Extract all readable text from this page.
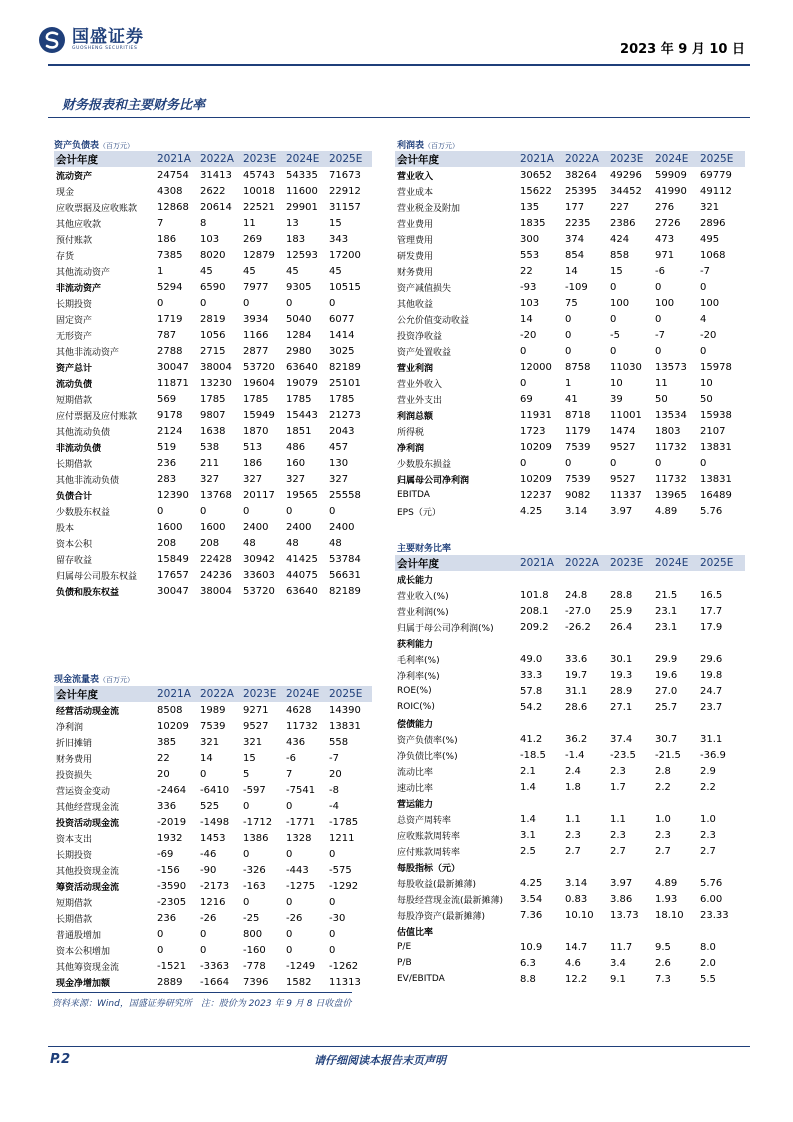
国盛证券
GUOSHENG SECURITIES	2023 年 9 月 10 日
财务报表和主要财务比率
资产负债表（百万元）
会计年度	2021A	2022A	2023E	2024E	2025E
流动资产	24754	31413	45743	54335	71673
现金	4308	2622	10018	11600	22912
应收票据及应收账款	12868	20614	22521	29901	31157
其他应收款	7	8	11	13	15
预付账款	186	103	269	183	343
存货	7385	8020	12879	12593	17200
其他流动资产	1	45	45	45	45
非流动资产	5294	6590	7977	9305	10515
长期投资	0	0	0	0	0
固定资产	1719	2819	3934	5040	6077
无形资产	787	1056	1166	1284	1414
其他非流动资产	2788	2715	2877	2980	3025
资产总计	30047	38004	53720	63640	82189
流动负债	11871	13230	19604	19079	25101
短期借款	569	1785	1785	1785	1785
应付票据及应付账款	9178	9807	15949	15443	21273
其他流动负债	2124	1638	1870	1851	2043
非流动负债	519	538	513	486	457
长期借款	236	211	186	160	130
其他非流动负债	283	327	327	327	327
负债合计	12390	13768	20117	19565	25558
少数股东权益	0	0	0	0	0
股本	1600	1600	2400	2400	2400
资本公积	208	208	48	48	48
留存收益	15849	22428	30942	41425	53784
归属母公司股东权益	17657	24236	33603	44075	56631
负债和股东权益	30047	38004	53720	63640	82189
利润表（百万元）
会计年度	2021A	2022A	2023E	2024E	2025E
营业收入	30652	38264	49296	59909	69779
营业成本	15622	25395	34452	41990	49112
营业税金及附加	135	177	227	276	321
营业费用	1835	2235	2386	2726	2896
管理费用	300	374	424	473	495
研发费用	553	854	858	971	1068
财务费用	22	14	15	-6	-7
资产减值损失	-93	-109	0	0	0
其他收益	103	75	100	100	100
公允价值变动收益	14	0	0	0	4
投资净收益	-20	0	-5	-7	-20
资产处置收益	0	0	0	0	0
营业利润	12000	8758	11030	13573	15978
营业外收入	0	1	10	11	10
营业外支出	69	41	39	50	50
利润总额	11931	8718	11001	13534	15938
所得税	1723	1179	1474	1803	2107
净利润	10209	7539	9527	11732	13831
少数股东损益	0	0	0	0	0
归属母公司净利润	10209	7539	9527	11732	13831
EBITDA	12237	9082	11337	13965	16489
EPS（元）	4.25	3.14	3.97	4.89	5.76
现金流量表（百万元）
会计年度	2021A	2022A	2023E	2024E	2025E
经营活动现金流	8508	1989	9271	4628	14390
净利润	10209	7539	9527	11732	13831
折旧摊销	385	321	321	436	558
财务费用	22	14	15	-6	-7
投资损失	20	0	5	7	20
营运资金变动	-2464	-6410	-597	-7541	-8
其他经营现金流	336	525	0	0	-4
投资活动现金流	-2019	-1498	-1712	-1771	-1785
资本支出	1932	1453	1386	1328	1211
长期投资	-69	-46	0	0	0
其他投资现金流	-156	-90	-326	-443	-575
筹资活动现金流	-3590	-2173	-163	-1275	-1292
短期借款	-2305	1216	0	0	0
长期借款	236	-26	-25	-26	-30
普通股增加	0	0	800	0	0
资本公积增加	0	0	-160	0	0
其他筹资现金流	-1521	-3363	-778	-1249	-1262
现金净增加额	2889	-1664	7396	1582	11313
主要财务比率
会计年度	2021A	2022A	2023E	2024E	2025E
成长能力					
营业收入(%)	101.8	24.8	28.8	21.5	16.5
营业利润(%)	208.1	-27.0	25.9	23.1	17.7
归属于母公司净利润(%)	209.2	-26.2	26.4	23.1	17.9
获利能力					
毛利率(%)	49.0	33.6	30.1	29.9	29.6
净利率(%)	33.3	19.7	19.3	19.6	19.8
ROE(%)	57.8	31.1	28.9	27.0	24.7
ROIC(%)	54.2	28.6	27.1	25.7	23.7
偿债能力					
资产负债率(%)	41.2	36.2	37.4	30.7	31.1
净负债比率(%)	-18.5	-1.4	-23.5	-21.5	-36.9
流动比率	2.1	2.4	2.3	2.8	2.9
速动比率	1.4	1.8	1.7	2.2	2.2
营运能力					
总资产周转率	1.4	1.1	1.1	1.0	1.0
应收账款周转率	3.1	2.3	2.3	2.3	2.3
应付账款周转率	2.5	2.7	2.7	2.7	2.7
每股指标（元）					
每股收益(最新摊薄)	4.25	3.14	3.97	4.89	5.76
每股经营现金流(最新摊薄)	3.54	0.83	3.86	1.93	6.00
每股净资产(最新摊薄)	7.36	10.10	13.73	18.10	23.33
估值比率					
P/E	10.9	14.7	11.7	9.5	8.0
P/B	6.3	4.6	3.4	2.6	2.0
EV/EBITDA	8.8	12.2	9.1	7.3	5.5
资料来源：Wind，国盛证券研究所　注：股价为 2023 年 9 月 8 日收盘价
P.2	请仔细阅读本报告末页声明
